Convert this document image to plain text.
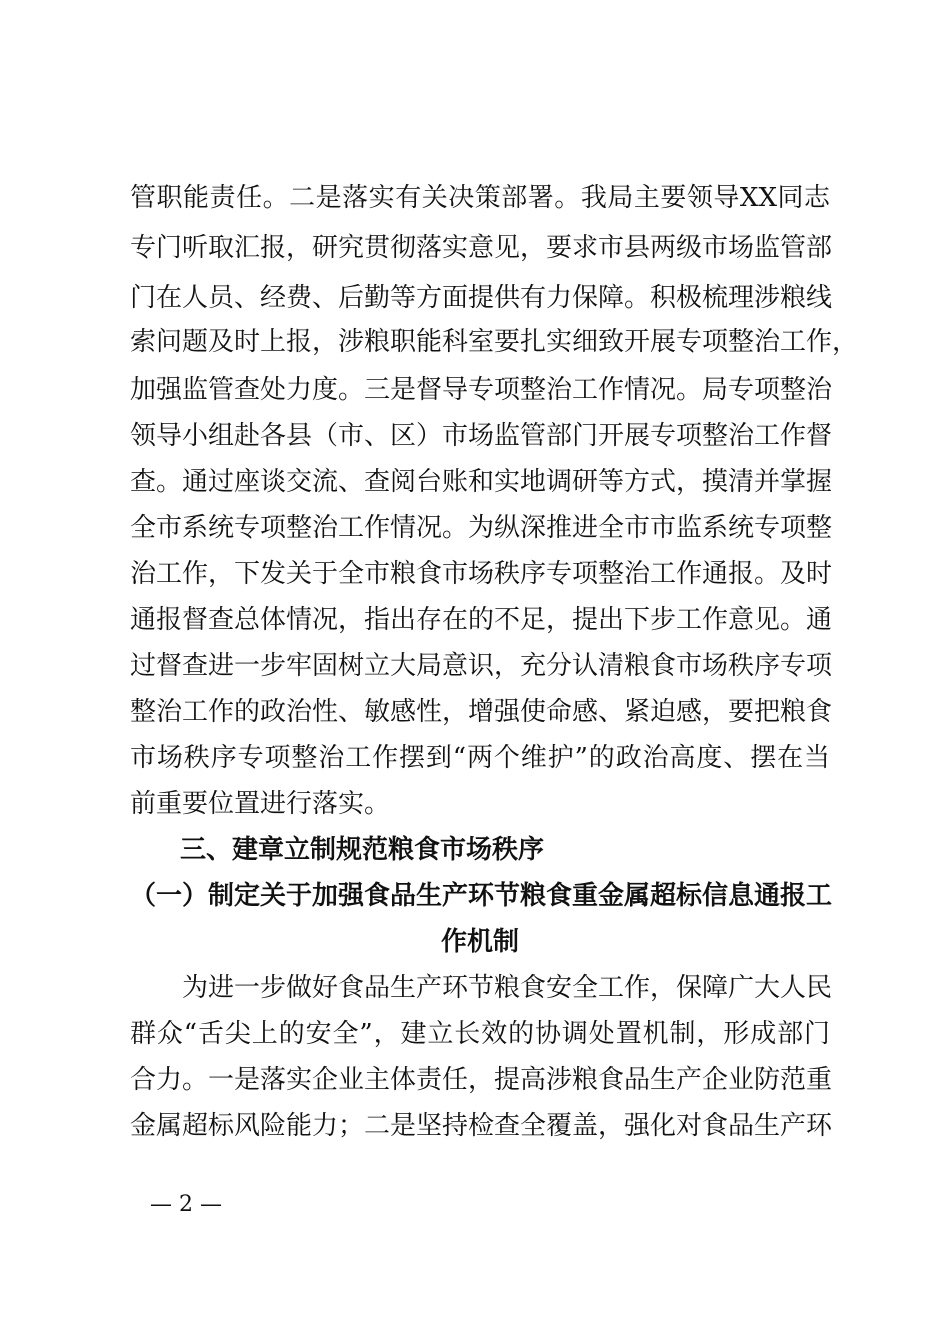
管职能责任。二是落实有关决策部署。我局主要领导XX同志
专门听取汇报，研究贯彻落实意见，要求市县两级市场监管部
门在人员、经费、后勤等方面提供有力保障。积极梳理涉粮线
索问题及时上报，涉粮职能科室要扎实细致开展专项整治工作，
加强监管查处力度。三是督导专项整治工作情况。局专项整治
领导小组赴各县（市、区）市场监管部门开展专项整治工作督
查。通过座谈交流、查阅台账和实地调研等方式，摸清并掌握
全市系统专项整治工作情况。为纵深推进全市市监系统专项整
治工作，下发关于全市粮食市场秩序专项整治工作通报。及时
通报督查总体情况，指出存在的不足，提出下步工作意见。通
过督查进一步牢固树立大局意识，充分认清粮食市场秩序专项
整治工作的政治性、敏感性，增强使命感、紧迫感，要把粮食
市场秩序专项整治工作摆到“两个维护”的政治高度、摆在当
前重要位置进行落实。
三、建章立制规范粮食市场秩序
（一）制定关于加强食品生产环节粮食重金属超标信息通报工
作机制
为进一步做好食品生产环节粮食安全工作，保障广大人民
群众“舌尖上的安全”，建立长效的协调处置机制，形成部门
合力。一是落实企业主体责任，提高涉粮食品生产企业防范重
金属超标风险能力；二是坚持检查全覆盖，强化对食品生产环
— 2 —
